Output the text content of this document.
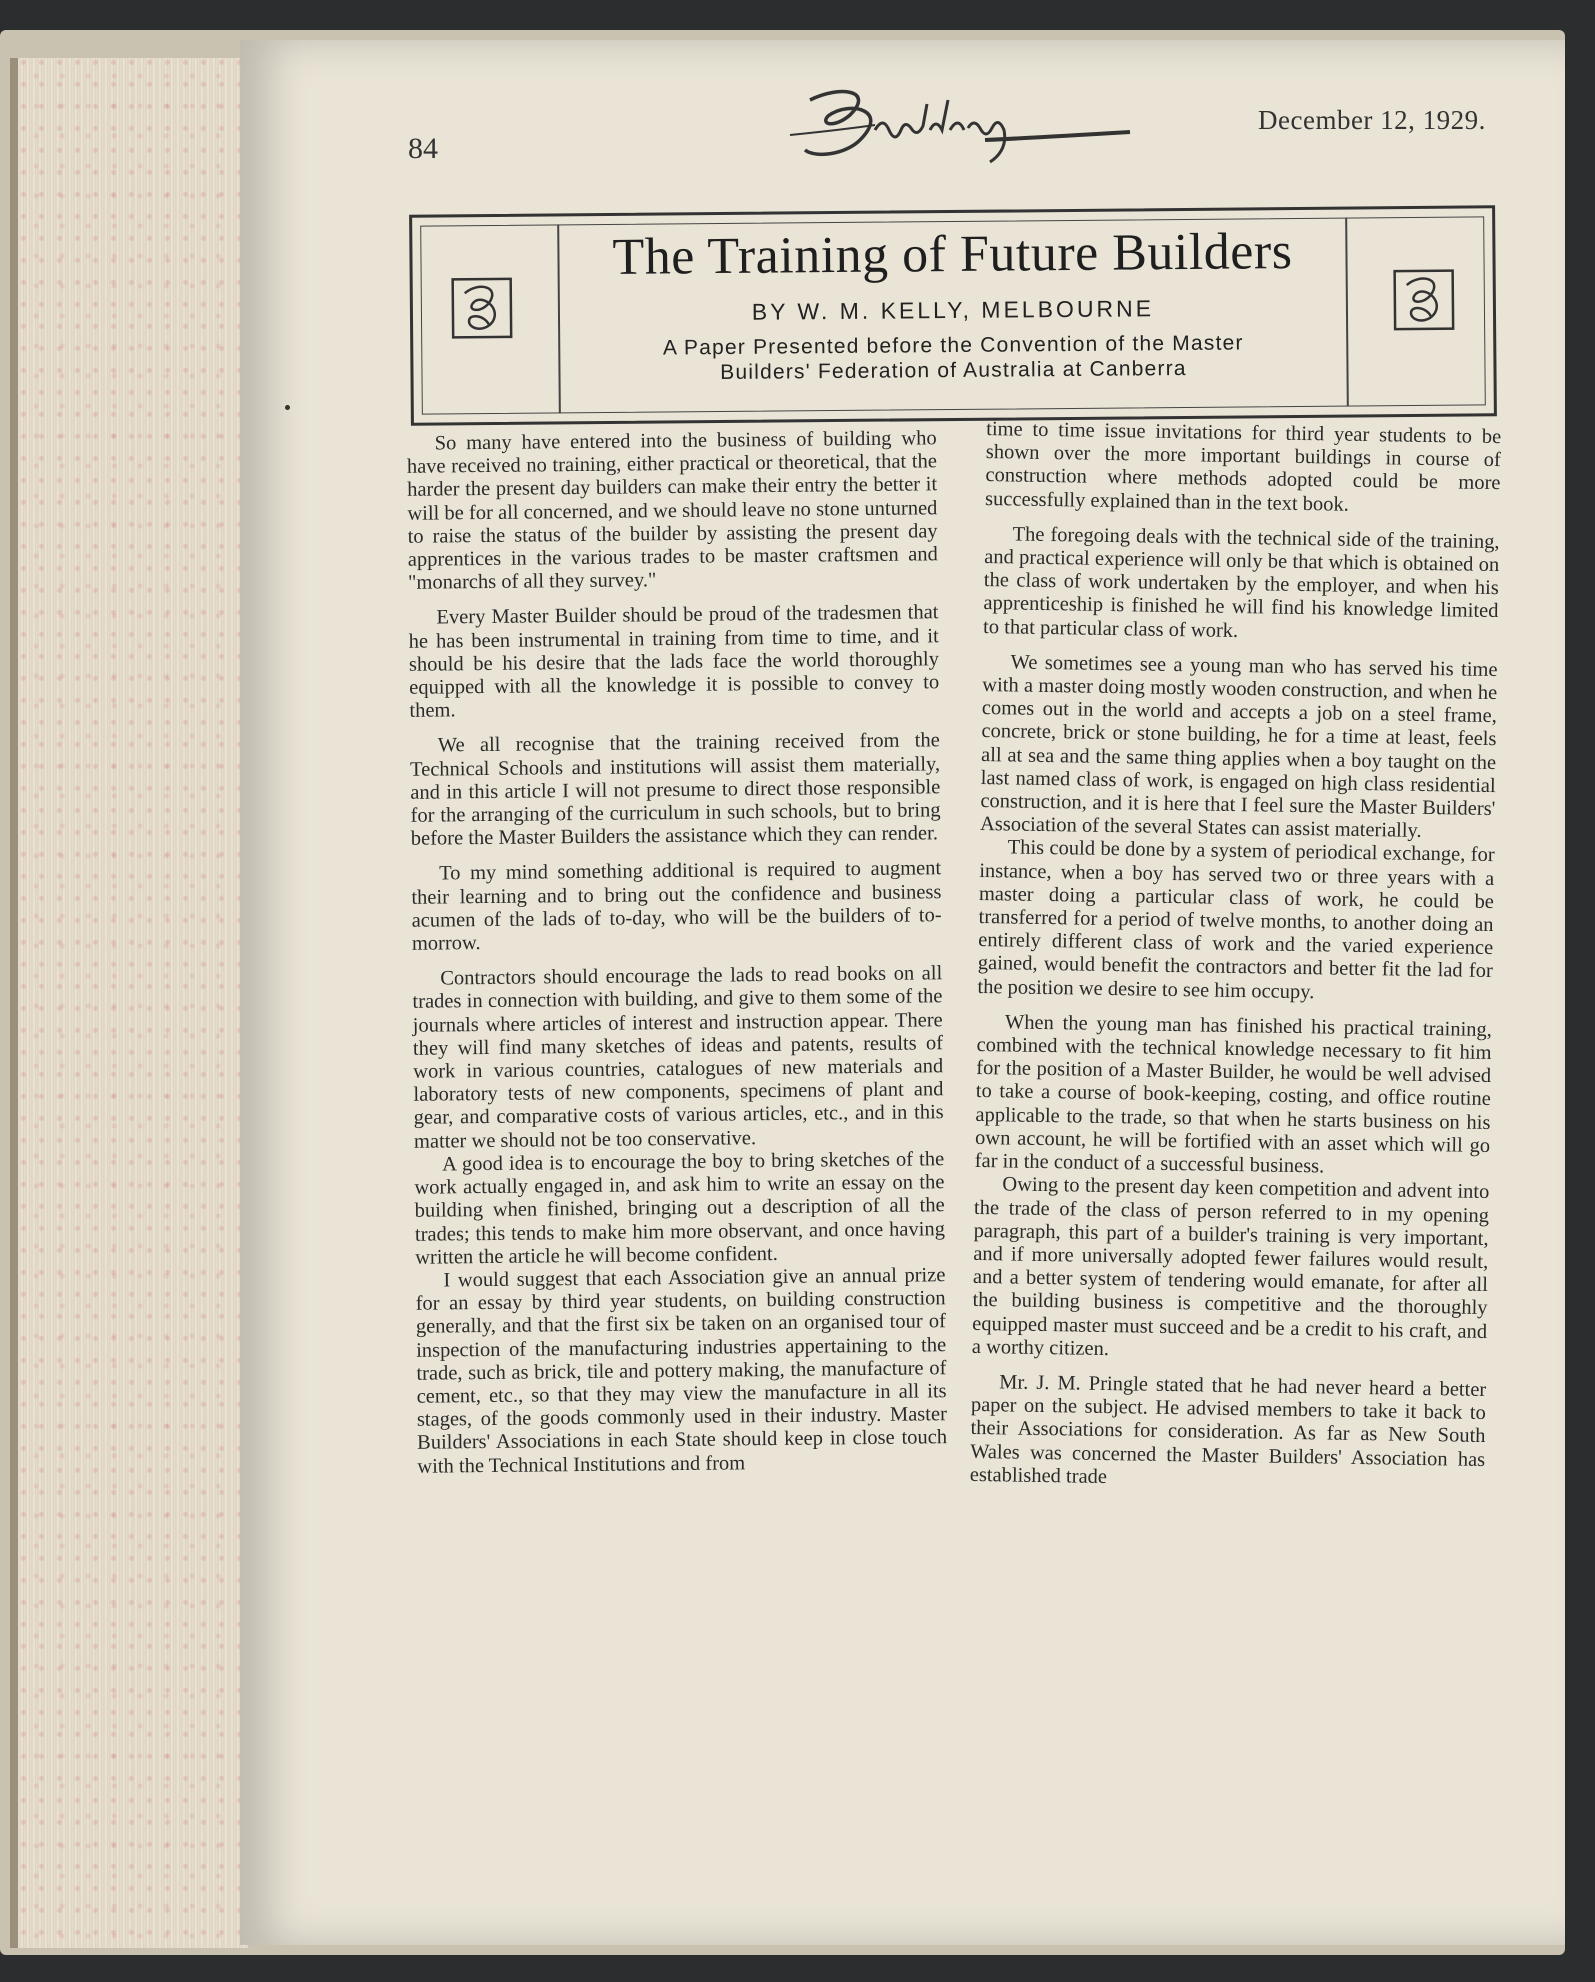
84
Building
December 12, 1929.
The Training of Future Builders
BY W. M. KELLY, MELBOURNE
A Paper Presented before the Convention of the Master
Builders' Federation of Australia at Canberra

So many have entered into the business of building who have received no training, either practical or theoretical, that the harder the present day builders can make their entry the better it will be for all concerned, and we should leave no stone unturned to raise the status of the builder by assisting the present day apprentices in the various trades to be master craftsmen and "monarchs of all they survey."

Every Master Builder should be proud of the tradesmen that he has been instrumental in training from time to time, and it should be his desire that the lads face the world thoroughly equipped with all the knowledge it is possible to convey to them.

We all recognise that the training received from the Technical Schools and institutions will assist them materially, and in this article I will not presume to direct those responsible for the arranging of the curriculum in such schools, but to bring before the Master Builders the assistance which they can render.

To my mind something additional is required to augment their learning and to bring out the confidence and business acumen of the lads of to-day, who will be the builders of to-morrow.

Contractors should encourage the lads to read books on all trades in connection with building, and give to them some of the journals where articles of interest and instruction appear. There they will find many sketches of ideas and patents, results of work in various countries, catalogues of new materials and laboratory tests of new components, specimens of plant and gear, and comparative costs of various articles, etc., and in this matter we should not be too conservative.

A good idea is to encourage the boy to bring sketches of the work actually engaged in, and ask him to write an essay on the building when finished, bringing out a description of all the trades; this tends to make him more observant, and once having written the article he will become confident.

I would suggest that each Association give an annual prize for an essay by third year students, on building construction generally, and that the first six be taken on an organised tour of inspection of the manufacturing industries appertaining to the trade, such as brick, tile and pottery making, the manufacture of cement, etc., so that they may view the manufacture in all its stages, of the goods commonly used in their industry. Master Builders' Associations in each State should keep in close touch with the Technical Institutions and from

time to time issue invitations for third year students to be shown over the more important buildings in course of construction where methods adopted could be more successfully explained than in the text book.

The foregoing deals with the technical side of the training, and practical experience will only be that which is obtained on the class of work undertaken by the employer, and when his apprenticeship is finished he will find his knowledge limited to that particular class of work.

We sometimes see a young man who has served his time with a master doing mostly wooden construction, and when he comes out in the world and accepts a job on a steel frame, concrete, brick or stone building, he for a time at least, feels all at sea and the same thing applies when a boy taught on the last named class of work, is engaged on high class residential construction, and it is here that I feel sure the Master Builders' Association of the several States can assist materially.

This could be done by a system of periodical exchange, for instance, when a boy has served two or three years with a master doing a particular class of work, he could be transferred for a period of twelve months, to another doing an entirely different class of work and the varied experience gained, would benefit the contractors and better fit the lad for the position we desire to see him occupy.

When the young man has finished his practical training, combined with the technical knowledge necessary to fit him for the position of a Master Builder, he would be well advised to take a course of book-keeping, costing, and office routine applicable to the trade, so that when he starts business on his own account, he will be fortified with an asset which will go far in the conduct of a successful business.

Owing to the present day keen competition and advent into the trade of the class of person referred to in my opening paragraph, this part of a builder's training is very important, and if more universally adopted fewer failures would result, and a better system of tendering would emanate, for after all the building business is competitive and the thoroughly equipped master must succeed and be a credit to his craft, and a worthy citizen.

Mr. J. M. Pringle stated that he had never heard a better paper on the subject. He advised members to take it back to their Associations for consideration. As far as New South Wales was concerned the Master Builders' Association has established trade
